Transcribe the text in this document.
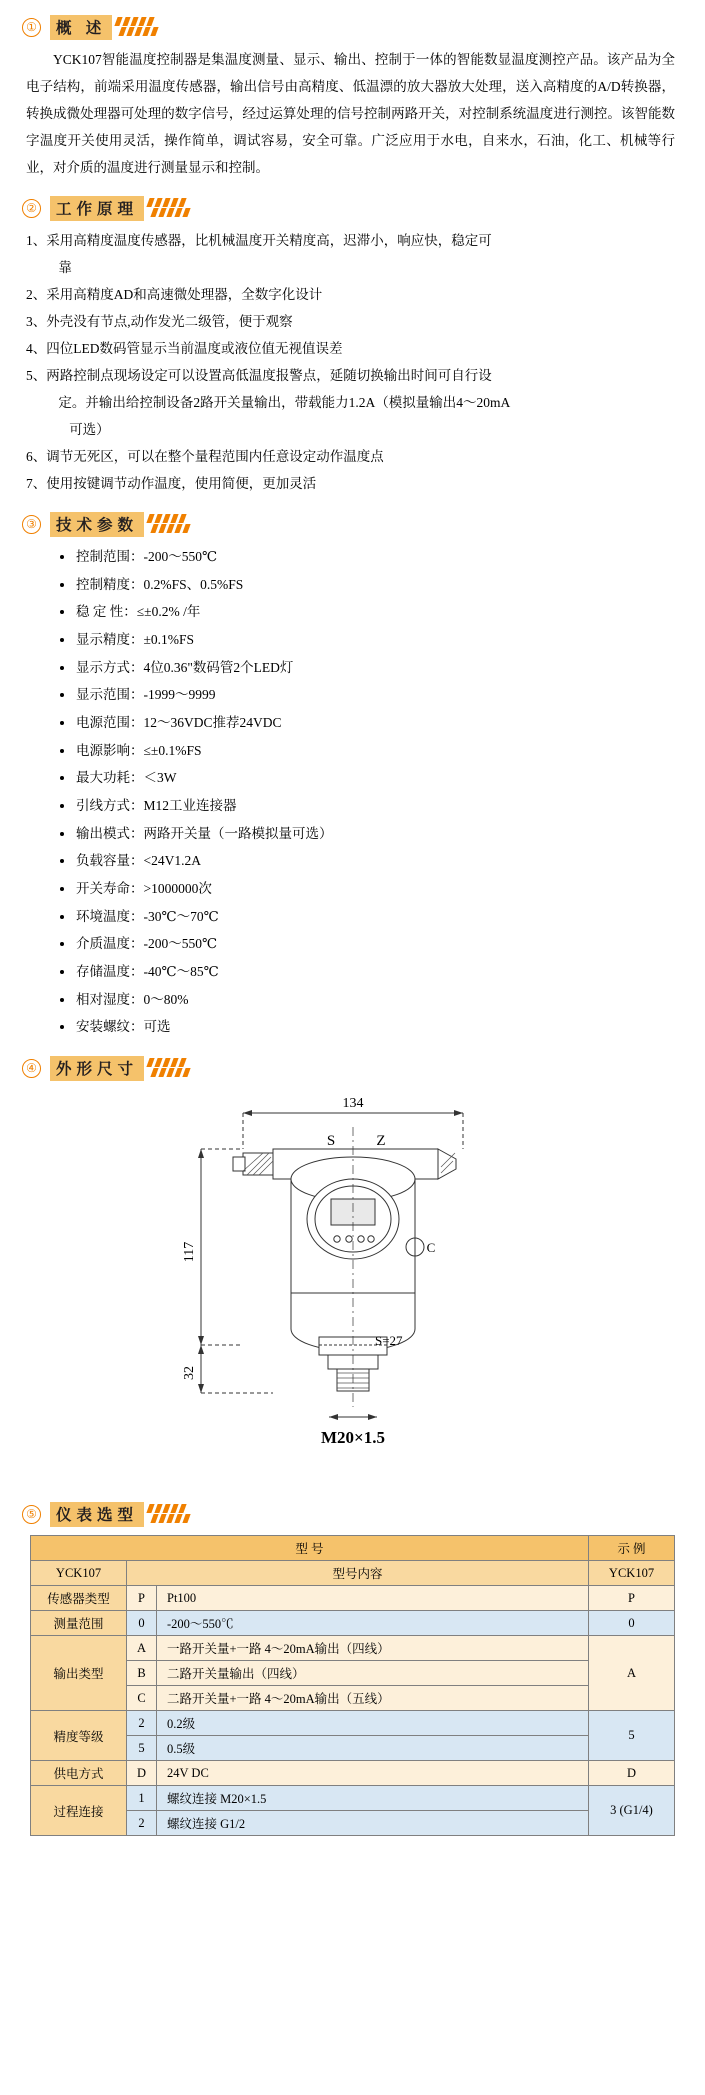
①	概 述

YCK107智能温度控制器是集温度测量、显示、输出、控制于一体的智能数显温度测控产品。该产品为全电子结构，前端采用温度传感器，输出信号由高精度、低温漂的放大器放大处理，送入高精度的A/D转换器，转换成微处理器可处理的数字信号，经过运算处理的信号控制两路开关，对控制系统温度进行测控。该智能数字温度开关使用灵活，操作简单，调试容易，安全可靠。广泛应用于水电，自来水，石油，化工、机械等行业，对介质的温度进行测量显示和控制。

②	工作原理
1、采用高精度温度传感器，比机械温度开关精度高，迟滞小，响应快，稳定可
靠
2、采用高精度AD和高速微处理器，全数字化设计
3、外壳没有节点,动作发光二级管，便于观察
4、四位LED数码管显示当前温度或液位值无视值误差
5、两路控制点现场设定可以设置高低温度报警点，延随切换输出时间可自行设
定。并输出给控制设备2路开关量输出，带载能力1.2A（模拟量输出4～20mA
可选）
6、调节无死区，可以在整个量程范围内任意设定动作温度点
7、使用按键调节动作温度，使用简便，更加灵活
③	技术参数
控制范围：-200～550℃
控制精度：0.2%FS、0.5%FS
稳 定 性：≤±0.2% /年
显示精度：±0.1%FS
显示方式：4位0.36"数码管2个LED灯
显示范围：-1999～9999
电源范围：12～36VDC推荐24VDC
电源影响：≤±0.1%FS
最大功耗：＜3W
引线方式：M12工业连接器
输出模式：两路开关量（一路模拟量可选）
负载容量：<24V1.2A
开关寿命：>1000000次
环境温度：-30℃～70℃
介质温度：-200～550℃
存储温度：-40℃～85℃
相对湿度：0～80%
安装螺纹：可选
④	外形尺寸
134
117
32
S=27
M20×1.5
S	Z
C
⑤	仪表选型
型 号			示 例
YCK107	型号内容		YCK107
传感器类型	P	Pt100	P
测量范围	0	-200～550℃	0
输出类型	A	一路开关量+一路 4～20mA输出（四线）	A
	B	二路开关量输出（四线）	
	C	二路开关量+一路 4～20mA输出（五线）	
精度等级	2	0.2级	5
	5	0.5级	
供电方式	D	24V DC	D
过程连接	1	螺纹连接 M20×1.5	3 (G1/4)
	2	螺纹连接 G1/2	
